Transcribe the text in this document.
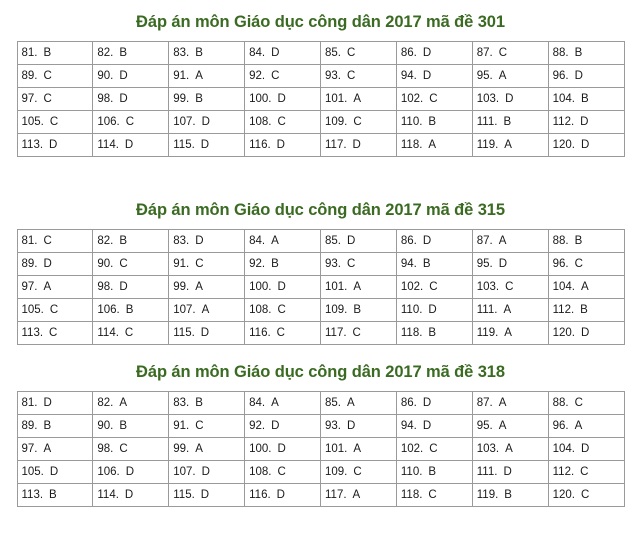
Đáp án môn Giáo dục công dân 2017 mã đề 301
81. B	82. B	83. B	84. D	85. C	86. D	87. C	88. B
89. C	90. D	91. A	92. C	93. C	94. D	95. A	96. D
97. C	98. D	99. B	100. D	101. A	102. C	103. D	104. B
105. C	106. C	107. D	108. C	109. C	110. B	111. B	112. D
113. D	114. D	115. D	116. D	117. D	118. A	119. A	120. D
Đáp án môn Giáo dục công dân 2017 mã đề 315
81. C	82. B	83. D	84. A	85. D	86. D	87. A	88. B
89. D	90. C	91. C	92. B	93. C	94. B	95. D	96. C
97. A	98. D	99. A	100. D	101. A	102. C	103. C	104. A
105. C	106. B	107. A	108. C	109. B	110. D	111. A	112. B
113. C	114. C	115. D	116. C	117. C	118. B	119. A	120. D
Đáp án môn Giáo dục công dân 2017 mã đề 318
81. D	82. A	83. B	84. A	85. A	86. D	87. A	88. C
89. B	90. B	91. C	92. D	93. D	94. D	95. A	96. A
97. A	98. C	99. A	100. D	101. A	102. C	103. A	104. D
105. D	106. D	107. D	108. C	109. C	110. B	111. D	112. C
113. B	114. D	115. D	116. D	117. A	118. C	119. B	120. C
